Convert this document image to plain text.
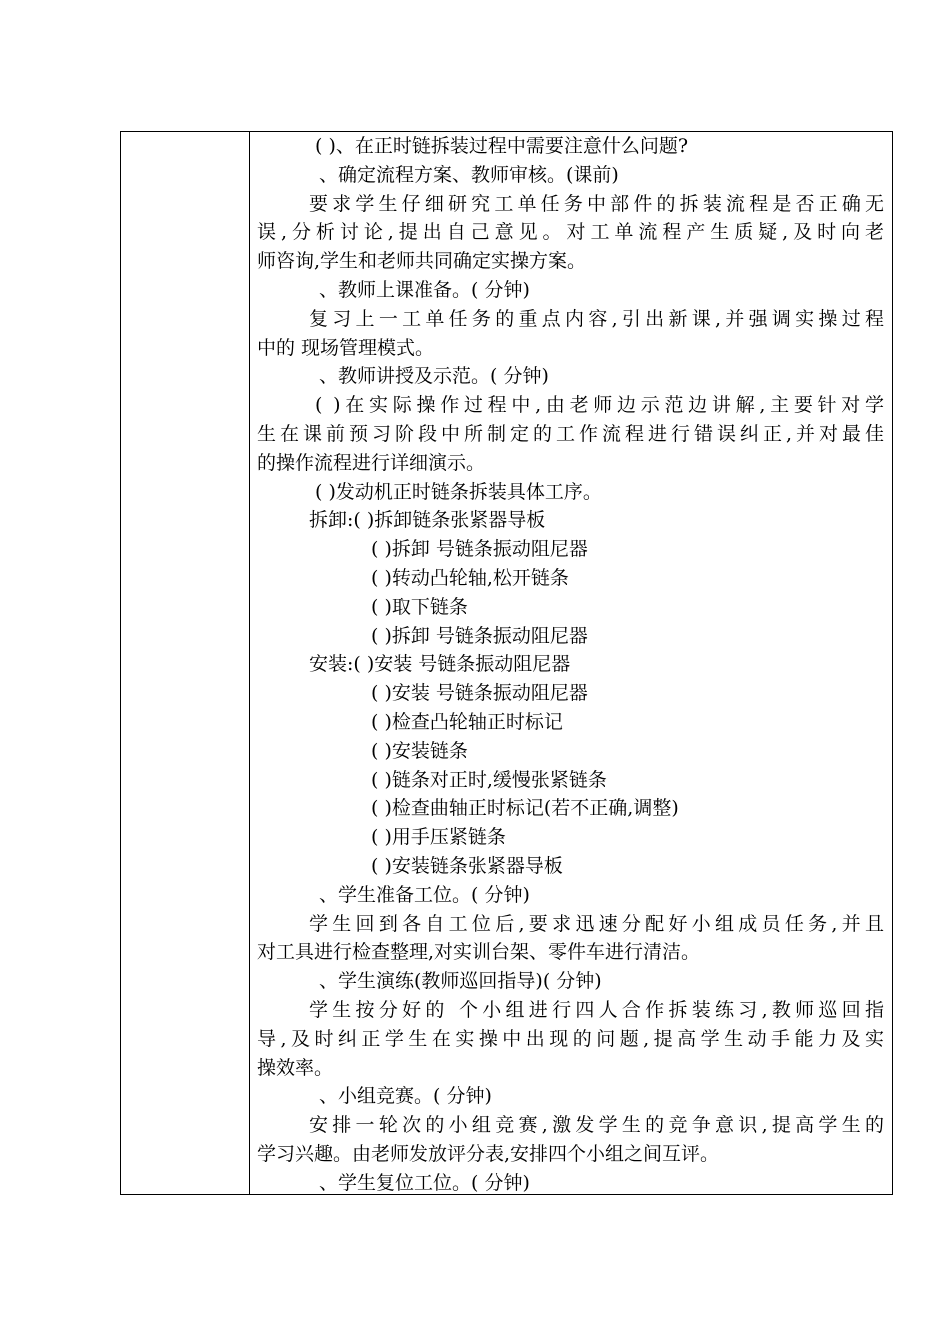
( )、在正时链拆装过程中需要注意什么问题?
、确定流程方案、教师审核。(课前)
要求学生仔细研究工单任务中部件的拆装流程是否正确无
误,分析讨论,提出自己意见。对工单流程产生质疑,及时向老
师咨询,学生和老师共同确定实操方案。
、教师上课准备。( 分钟)
复习上一工单任务的重点内容,引出新课,并强调实操过程
中的 现场管理模式。
、教师讲授及示范。( 分钟)
( )在实际操作过程中,由老师边示范边讲解,主要针对学
生在课前预习阶段中所制定的工作流程进行错误纠正,并对最佳
的操作流程进行详细演示。
( )发动机正时链条拆装具体工序。
拆卸:( )拆卸链条张紧器导板
( )拆卸 号链条振动阻尼器
( )转动凸轮轴,松开链条
( )取下链条
( )拆卸 号链条振动阻尼器
安装:( )安装 号链条振动阻尼器
( )安装 号链条振动阻尼器
( )检查凸轮轴正时标记
( )安装链条
( )链条对正时,缓慢张紧链条
( )检查曲轴正时标记(若不正确,调整)
( )用手压紧链条
( )安装链条张紧器导板
、学生准备工位。( 分钟)
学生回到各自工位后,要求迅速分配好小组成员任务,并且
对工具进行检查整理,对实训台架、零件车进行清洁。
、学生演练(教师巡回指导)( 分钟)
学生按分好的 个小组进行四人合作拆装练习,教师巡回指
导,及时纠正学生在实操中出现的问题,提高学生动手能力及实
操效率。
、小组竞赛。( 分钟)
安排一轮次的小组竞赛,激发学生的竞争意识,提高学生的
学习兴趣。由老师发放评分表,安排四个小组之间互评。
、学生复位工位。( 分钟)
